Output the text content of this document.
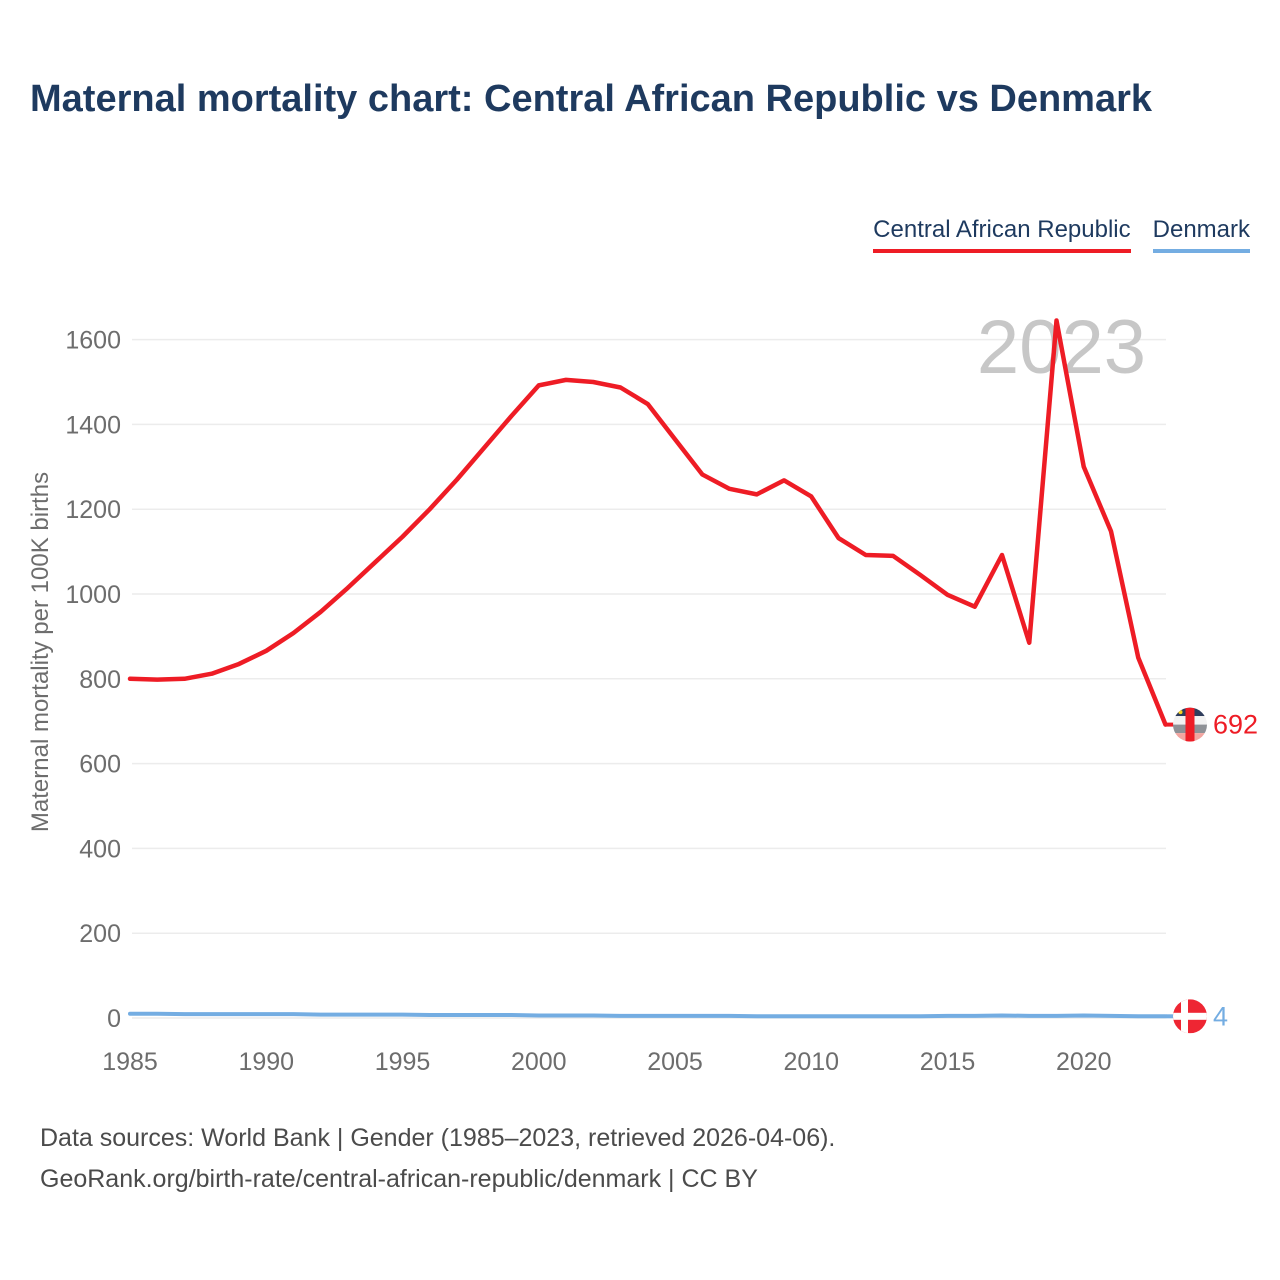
Maternal mortality chart: Central African Republic vs Denmark
Central African Republic Denmark
0
200
400
600
800
1000
1200
1400
1600
1985	1990	1995	2000	2005	2010	2015	2020
Maternal mortality per 100K births
2023
692
4
Data sources: World Bank | Gender (1985–2023, retrieved 2026-04-06).
GeoRank.org/birth-rate/central-african-republic/denmark | CC BY
